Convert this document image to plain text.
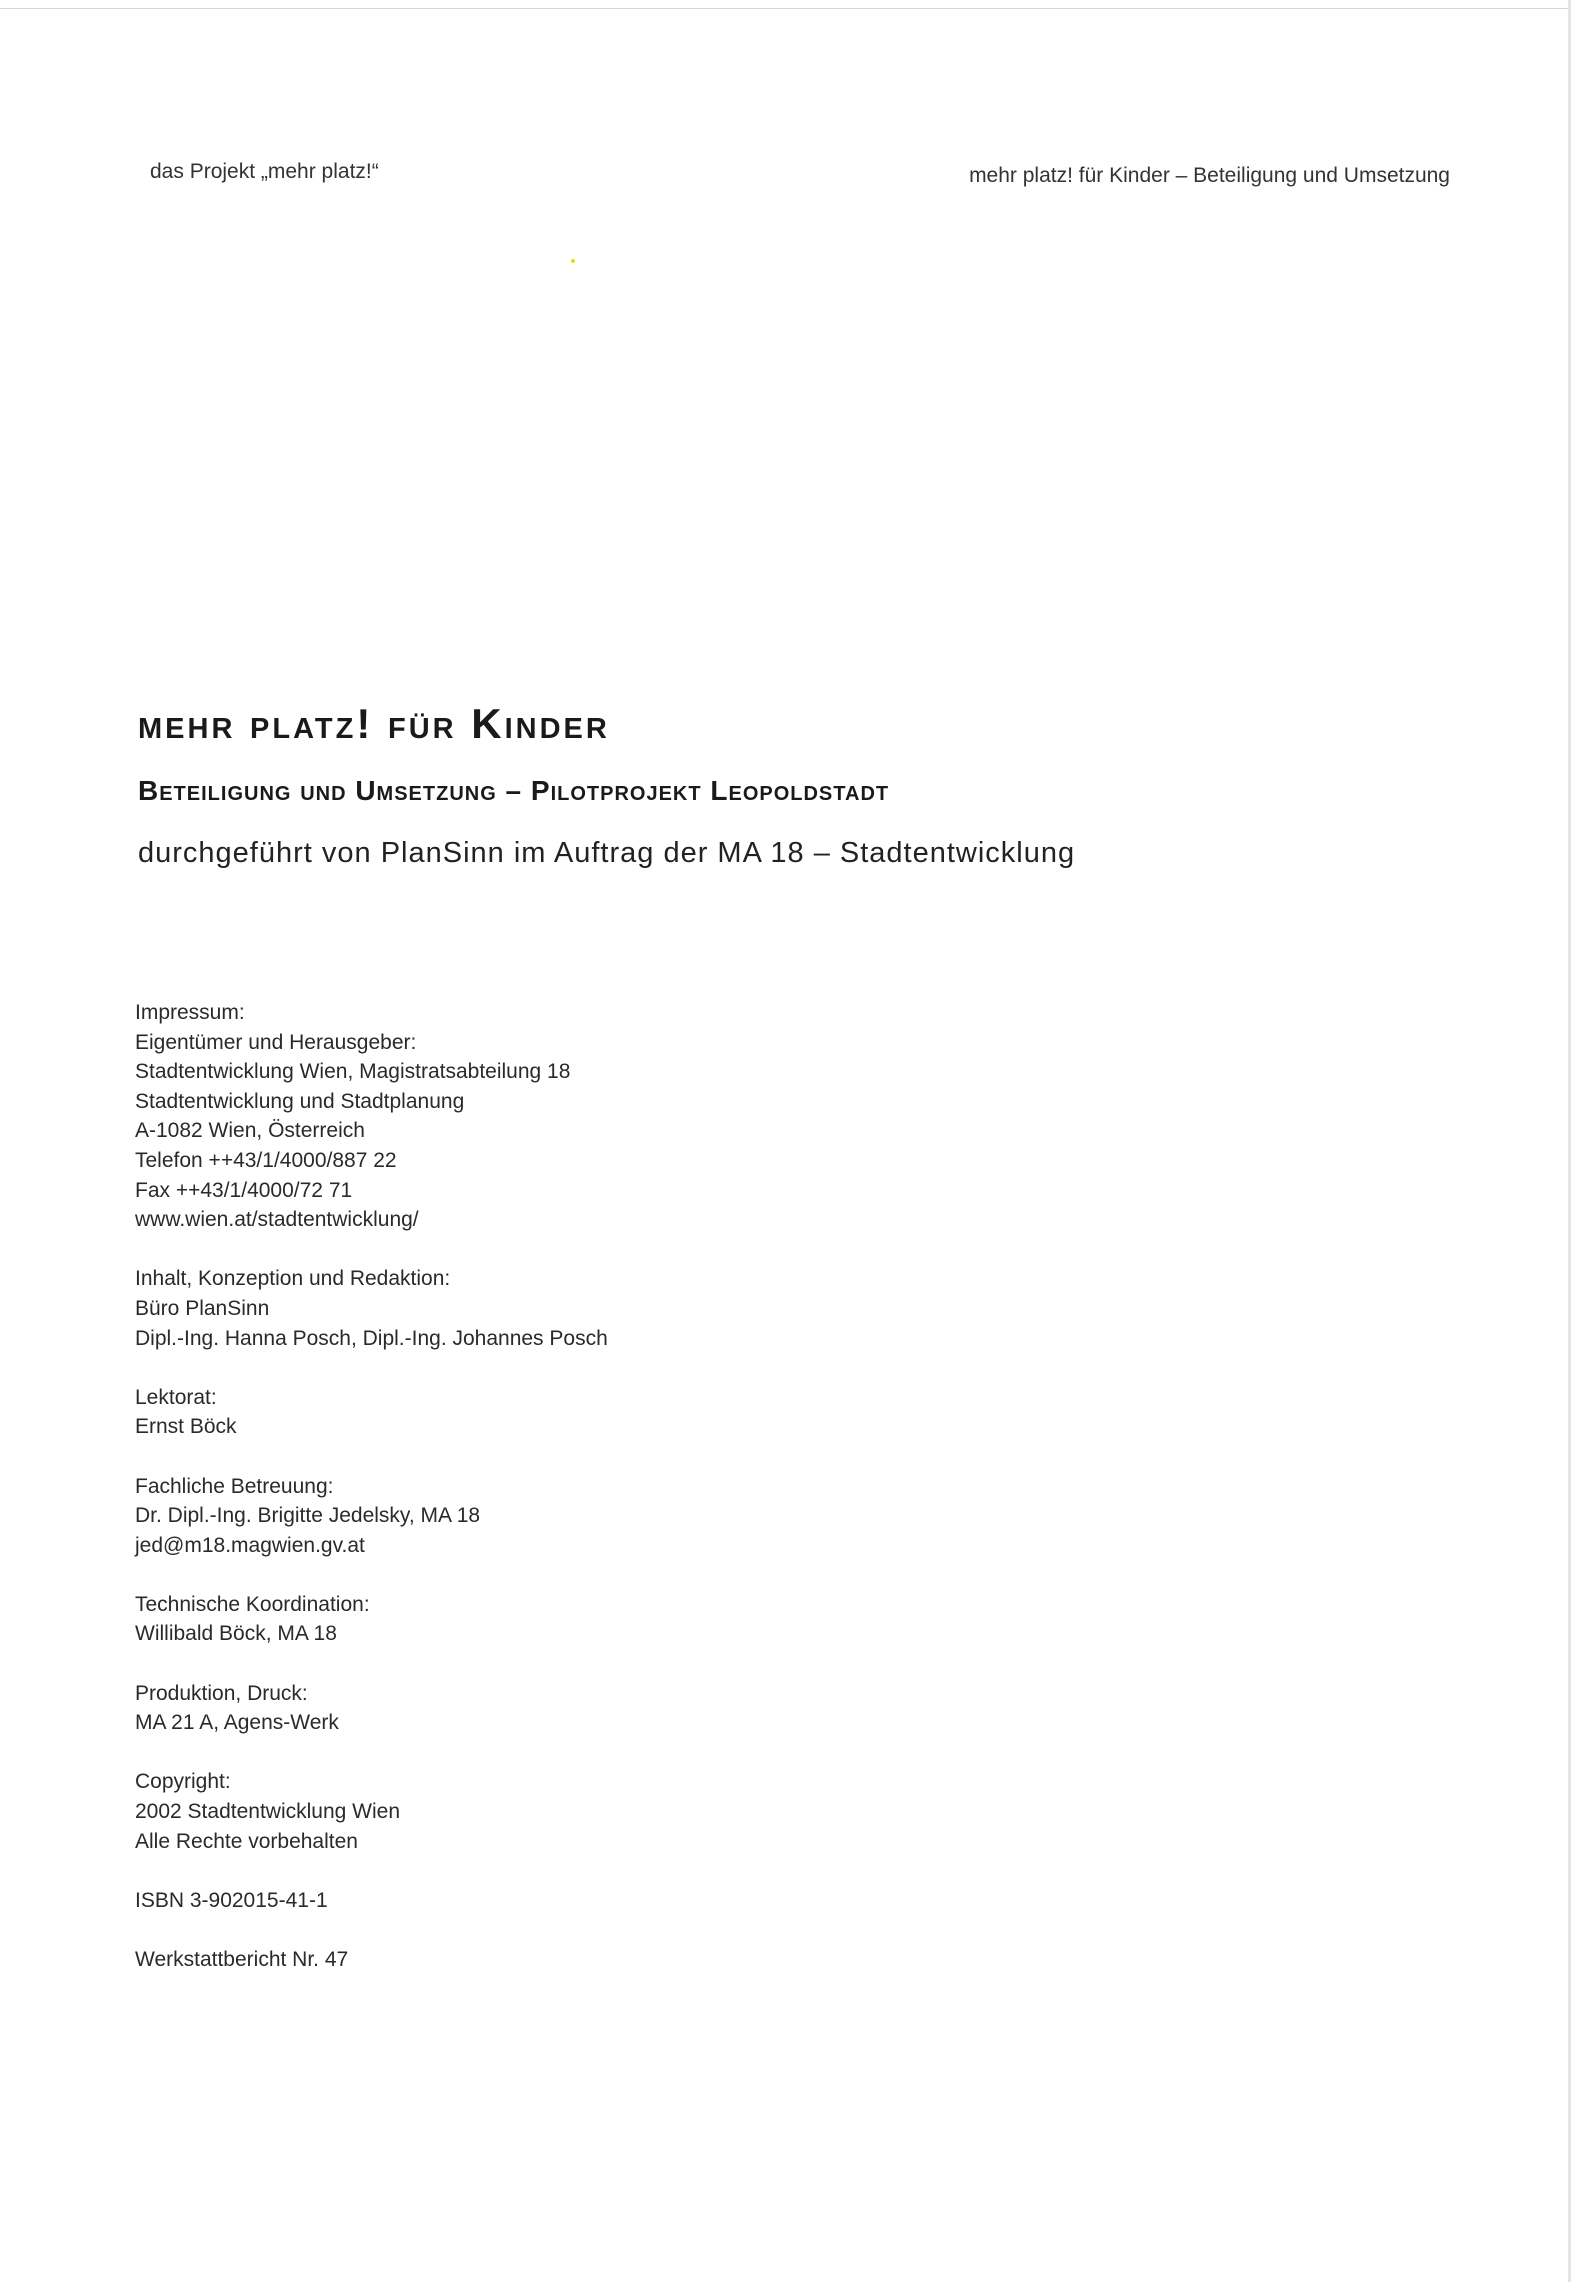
das Projekt „mehr platz!“	mehr platz! für Kinder – Beteiligung und Umsetzung
mehr platz! für Kinder
Beteiligung und Umsetzung – Pilotprojekt Leopoldstadt
durchgeführt von PlanSinn im Auftrag der MA 18 – Stadtentwicklung
Impressum:
Eigentümer und Herausgeber:
Stadtentwicklung Wien, Magistratsabteilung 18
Stadtentwicklung und Stadtplanung
A-1082 Wien, Österreich
Telefon ++43/1/4000/887 22
Fax ++43/1/4000/72 71
www.wien.at/stadtentwicklung/
Inhalt, Konzeption und Redaktion:
Büro PlanSinn
Dipl.-Ing. Hanna Posch, Dipl.-Ing. Johannes Posch
Lektorat:
Ernst Böck
Fachliche Betreuung:
Dr. Dipl.-Ing. Brigitte Jedelsky, MA 18
jed@m18.magwien.gv.at
Technische Koordination:
Willibald Böck, MA 18
Produktion, Druck:
MA 21 A, Agens-Werk
Copyright:
2002 Stadtentwicklung Wien
Alle Rechte vorbehalten
ISBN 3-902015-41-1
Werkstattbericht Nr. 47
